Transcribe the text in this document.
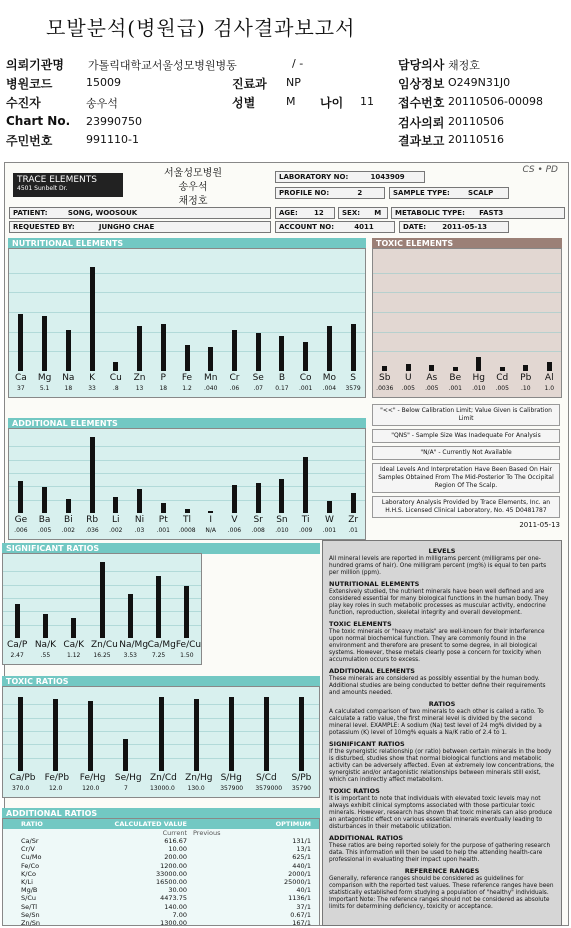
모발분석(병원급) 검사결과보고서
의뢰기관명 가톨릭대학교서울성모병원병동	/ -	담당의사 채정호
병원코드	15009	진료과 NP	임상정보 O249N31J0
수진자	송우석	성별	M 나이 11 접수번호 20110506-00098
Chart No. 23990750	검사의뢰 20110506
주민번호	991110-1	결과보고 20110516
TRACE ELEMENTS
4501 Sunbelt Dr.
서울성모병원
송우석
채정호
CS • PD
LABORATORY NO:	1043909
PROFILE NO:	2	SAMPLE TYPE:	SCALP
PATIENT:	SONG, WOOSOUK	AGE: 12	SEX: M	METABOLIC TYPE: FAST3
REQUESTED BY:	JUNGHO CHAE	ACCOUNT NO:	4011	DATE: 2011-05-13
NUTRITIONAL ELEMENTS	TOXIC ELEMENTS
ADDITIONAL ELEMENTS
SIGNIFICANT RATIOS
TOXIC RATIOS
ADDITIONAL RATIOS
Ca
37
Mg
5.1
Na
18
K
33
Cu
.8
Zn
13
P
18
Fe
1.2
Mn
.040
Cr
.06
Se
.07
B
0.17
Co
.001
Mo
.004
S
3579
Sb
.0036
U
.005
As
.005
Be
.001
Hg
.010
Cd
.005
Pb
.10
Al
1.0
Ge
.006
Ba
.005
Bi
.002
Rb
.036
Li
.002
Ni
.03
Pt
.001
Tl
.0008
I
N/A
V
.006
Sr
.008
Sn
.010
Ti
.009
W
.001
Zr
.01
Ca/P
2.47
Na/K
.55
Ca/K
1.12
Zn/Cu
16.25
Na/Mg
3.53
Ca/Mg
7.25
Fe/Cu
1.50
Ca/Pb
370.0
Fe/Pb
12.0
Fe/Hg
120.0
Se/Hg
7
Zn/Cd
13000.0
Zn/Hg
130.0
S/Hg
357900
S/Cd
3579000
S/Pb
35790
"<<" - Below Calibration Limit; Value Given is Calibration Limit
"QNS" - Sample Size Was Inadequate For Analysis
"N/A" - Currently Not Available
Ideal Levels And Interpretation Have Been Based On Hair Samples Obtained From The Mid-Posterior To The Occipital Region Of The Scalp.
Laboratory Analysis Provided by Trace Elements, Inc. an H.H.S. Licensed Clinical Laboratory, No. 45 D0481787
2011-05-13
LEVELS

All mineral levels are reported in milligrams percent (milligrams per one-hundred grams of hair). One milligram percent (mg%) is equal to ten parts per million (ppm).

NUTRITIONAL ELEMENTS

Extensively studied, the nutrient minerals have been well defined and are considered essential for many biological functions in the human body. They play key roles in such metabolic processes as muscular activity, endocrine function, reproduction, skeletal integrity and overall development.

TOXIC ELEMENTS

The toxic minerals or "heavy metals" are well-known for their interference upon normal biochemical function. They are commonly found in the environment and therefore are present to some degree, in all biological systems. However, these metals clearly pose a concern for toxicity when accumulation occurs to excess.

ADDITIONAL ELEMENTS

These minerals are considered as possibly essential by the human body. Additional studies are being conducted to better define their requirements and amounts needed.

RATIOS

A calculated comparison of two minerals to each other is called a ratio. To calculate a ratio value, the first mineral level is divided by the second mineral level. EXAMPLE: A sodium (Na) test level of 24 mg% divided by a potassium (K) level of 10mg% equals a Na/K ratio of 2.4 to 1.

SIGNIFICANT RATIOS

If the synergistic relationship (or ratio) between certain minerals in the body is disturbed, studies show that normal biological functions and metabolic activity can be adversely affected. Even at extremely low concentrations, the synergistic and/or antagonistic relationships between minerals still exist, which can indirectly affect metabolism.

TOXIC RATIOS

It is important to note that individuals with elevated toxic levels may not always exhibit clinical symptoms associated with those particular toxic minerals. However, research has shown that toxic minerals can also produce an antagonistic effect on various essential minerals eventually leading to disturbances in their metabolic utilization.

ADDITIONAL RATIOS

These ratios are being reported solely for the purpose of gathering research data. This information will then be used to help the attending health-care professional in evaluating their impact upon health.

REFERENCE RANGES

Generally, reference ranges should be considered as guidelines for comparison with the reported test values. These reference ranges have been statistically established form studying a population of "healthy" individuals. Important Note: The reference ranges should not be considered as absolute limits for determining deficiency, toxicity or acceptance.

RATIO	CALCULATED VALUE	OPTIMUM
Current Previous
Ca/Sr	616.67	131/1
Cr/V	10.00	13/1
Cu/Mo	200.00	625/1
Fe/Co	1200.00	440/1
K/Co	33000.00	2000/1
K/Li	16500.00	25000/1
Mg/B	30.00	40/1
S/Cu	4473.75	1136/1
Se/Tl	140.00	37/1
Se/Sn	7.00	0.67/1
Zn/Sn	1300.00	167/1
